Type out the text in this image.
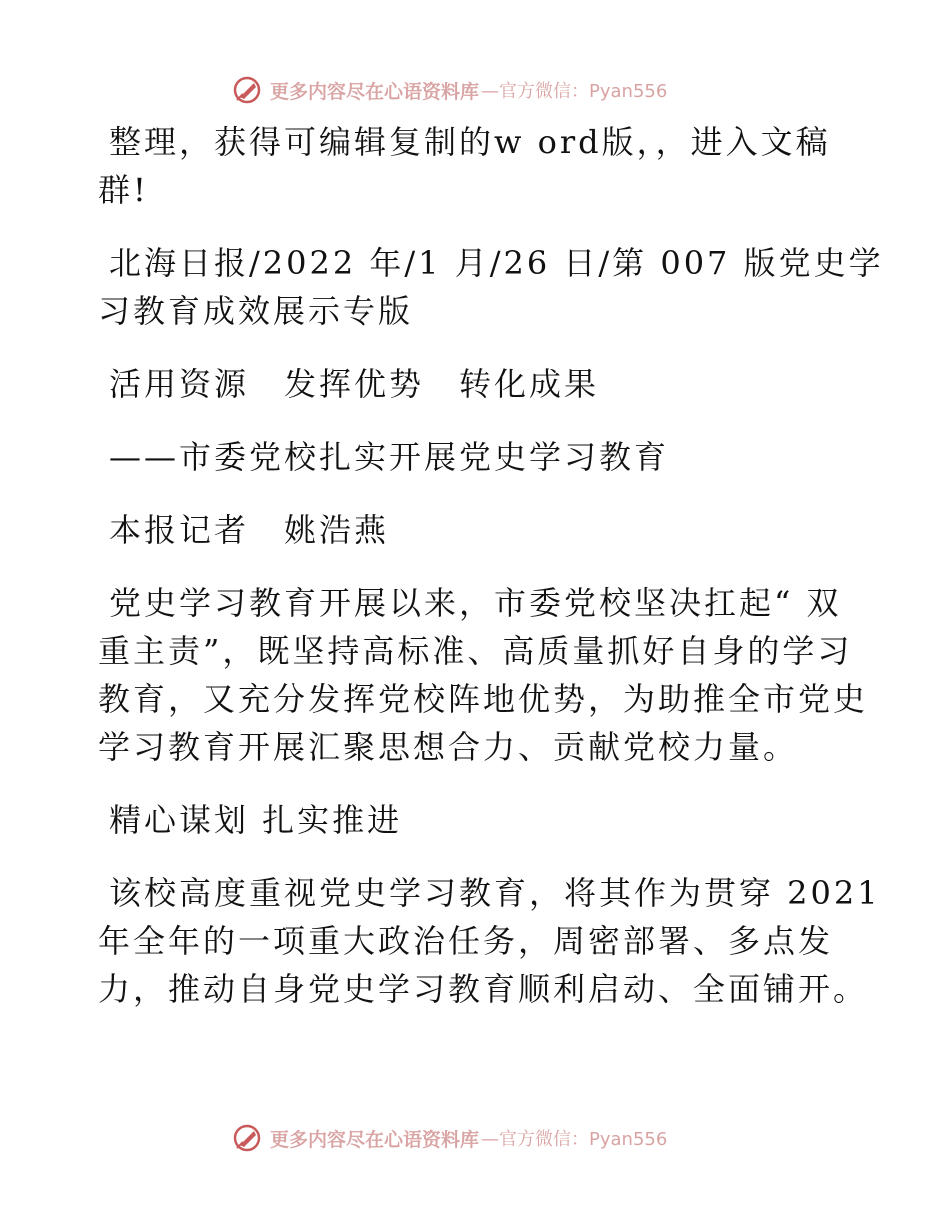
更多内容尽在心语资料库 —官方微信：Pyan556
整理，获得可编辑复制的w ord版，，进入文稿
群!
北海日报/2022 年/1 月/26 日/第 007 版党史学
习教育成效展示专版
活用资源　发挥优势　转化成果
——市委党校扎实开展党史学习教育
本报记者　姚浩燕
党史学习教育开展以来，市委党校坚决扛起“ 双
重主责”，既坚持高标准、高质量抓好自身的学习
教育，又充分发挥党校阵地优势，为助推全市党史
学习教育开展汇聚思想合力、贡献党校力量。
精心谋划 扎实推进
该校高度重视党史学习教育，将其作为贯穿 2021
年全年的一项重大政治任务，周密部署、多点发
力，推动自身党史学习教育顺利启动、全面铺开。
更多内容尽在心语资料库 —官方微信：Pyan556
